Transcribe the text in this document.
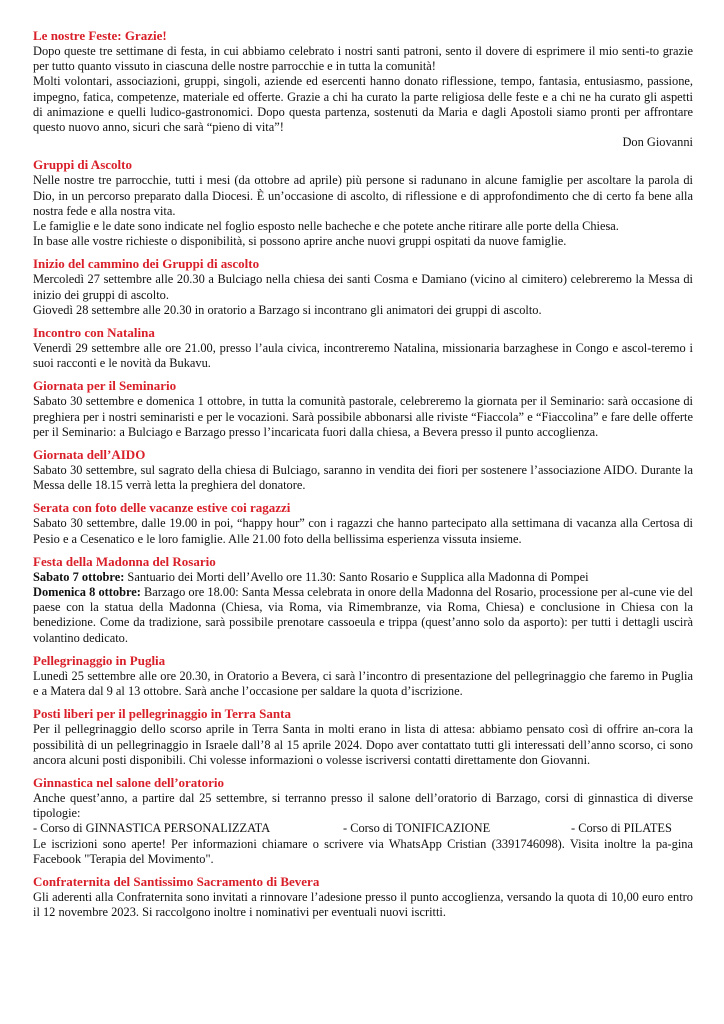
Le nostre Feste: Grazie!

Dopo queste tre settimane di festa, in cui abbiamo celebrato i nostri santi patroni, sento il dovere di esprimere il mio senti-to grazie per tutto quanto vissuto in ciascuna delle nostre parrocchie e in tutta la comunità!

Molti volontari, associazioni, gruppi, singoli, aziende ed esercenti hanno donato riflessione, tempo, fantasia, entusiasmo, passione, impegno, fatica, competenze, materiale ed offerte. Grazie a chi ha curato la parte religiosa delle feste e a chi ne ha curato gli aspetti di animazione e quelli ludico-gastronomici. Dopo questa partenza, sostenuti da Maria e dagli Apostoli siamo pronti per affrontare questo nuovo anno, sicuri che sarà “pieno di vita”!

Don Giovanni

Gruppi di Ascolto

Nelle nostre tre parrocchie, tutti i mesi (da ottobre ad aprile) più persone si radunano in alcune famiglie per ascoltare la parola di Dio, in un percorso preparato dalla Diocesi. È un’occasione di ascolto, di riflessione e di approfondimento che di certo fa bene alla nostra fede e alla nostra vita.

Le famiglie e le date sono indicate nel foglio esposto nelle bacheche e che potete anche ritirare alle porte della Chiesa.

In base alle vostre richieste o disponibilità, si possono aprire anche nuovi gruppi ospitati da nuove famiglie.

Inizio del cammino dei Gruppi di ascolto

Mercoledì 27 settembre alle 20.30 a Bulciago nella chiesa dei santi Cosma e Damiano (vicino al cimitero) celebreremo la Messa di inizio dei gruppi di ascolto.

Giovedì 28 settembre alle 20.30 in oratorio a Barzago si incontrano gli animatori dei gruppi di ascolto.

Incontro con Natalina

Venerdì 29 settembre alle ore 21.00, presso l’aula civica, incontreremo Natalina, missionaria barzaghese in Congo e ascol-teremo i suoi racconti e le novità da Bukavu.

Giornata per il Seminario

Sabato 30 settembre e domenica 1 ottobre, in tutta la comunità pastorale, celebreremo la giornata per il Seminario: sarà occasione di preghiera per i nostri seminaristi e per le vocazioni. Sarà possibile abbonarsi alle riviste “Fiaccola” e “Fiaccolina” e fare delle offerte per il Seminario: a Bulciago e Barzago presso l’incaricata fuori dalla chiesa, a Bevera presso il punto accoglienza.

Giornata dell’AIDO

Sabato 30 settembre, sul sagrato della chiesa di Bulciago, saranno in vendita dei fiori per sostenere l’associazione AIDO. Durante la Messa delle 18.15 verrà letta la preghiera del donatore.

Serata con foto delle vacanze estive coi ragazzi

Sabato 30 settembre, dalle 19.00 in poi, “happy hour” con i ragazzi che hanno partecipato alla settimana di vacanza alla Certosa di Pesio e a Cesenatico e le loro famiglie. Alle 21.00 foto della bellissima esperienza vissuta insieme.

Festa della Madonna del Rosario

Sabato 7 ottobre: Santuario dei Morti dell’Avello ore 11.30: Santo Rosario e Supplica alla Madonna di Pompei

Domenica 8 ottobre: Barzago ore 18.00: Santa Messa celebrata in onore della Madonna del Rosario, processione per al-cune vie del paese con la statua della Madonna (Chiesa, via Roma, via Rimembranze, via Roma, Chiesa) e conclusione in Chiesa con la benedizione. Come da tradizione, sarà possibile prenotare cassoeula e trippa (quest’anno solo da asporto): per tutti i dettagli uscirà volantino dedicato.

Pellegrinaggio in Puglia

Lunedì 25 settembre alle ore 20.30, in Oratorio a Bevera, ci sarà l’incontro di presentazione del pellegrinaggio che faremo in Puglia e a Matera dal 9 al 13 ottobre. Sarà anche l’occasione per saldare la quota d’iscrizione.

Posti liberi per il pellegrinaggio in Terra Santa

Per il pellegrinaggio dello scorso aprile in Terra Santa in molti erano in lista di attesa: abbiamo pensato così di offrire an-cora la possibilità di un pellegrinaggio in Israele dall’8 al 15 aprile 2024. Dopo aver contattato tutti gli interessati dell’anno scorso, ci sono ancora alcuni posti disponibili. Chi volesse informazioni o volesse iscriversi contatti direttamente don Giovanni.

Ginnastica nel salone dell’oratorio

Anche quest’anno, a partire dal 25 settembre, si terranno presso il salone dell’oratorio di Barzago, corsi di ginnastica di diverse tipologie:

- Corso di GINNASTICA PERSONALIZZATA	- Corso di TONIFICAZIONE	- Corso di PILATES

Le iscrizioni sono aperte! Per informazioni chiamare o scrivere via WhatsApp Cristian (3391746098). Visita inoltre la pa-gina Facebook "Terapia del Movimento".

Confraternita del Santissimo Sacramento di Bevera

Gli aderenti alla Confraternita sono invitati a rinnovare l’adesione presso il punto accoglienza, versando la quota di 10,00 euro entro il 12 novembre 2023. Si raccolgono inoltre i nominativi per eventuali nuovi iscritti.
